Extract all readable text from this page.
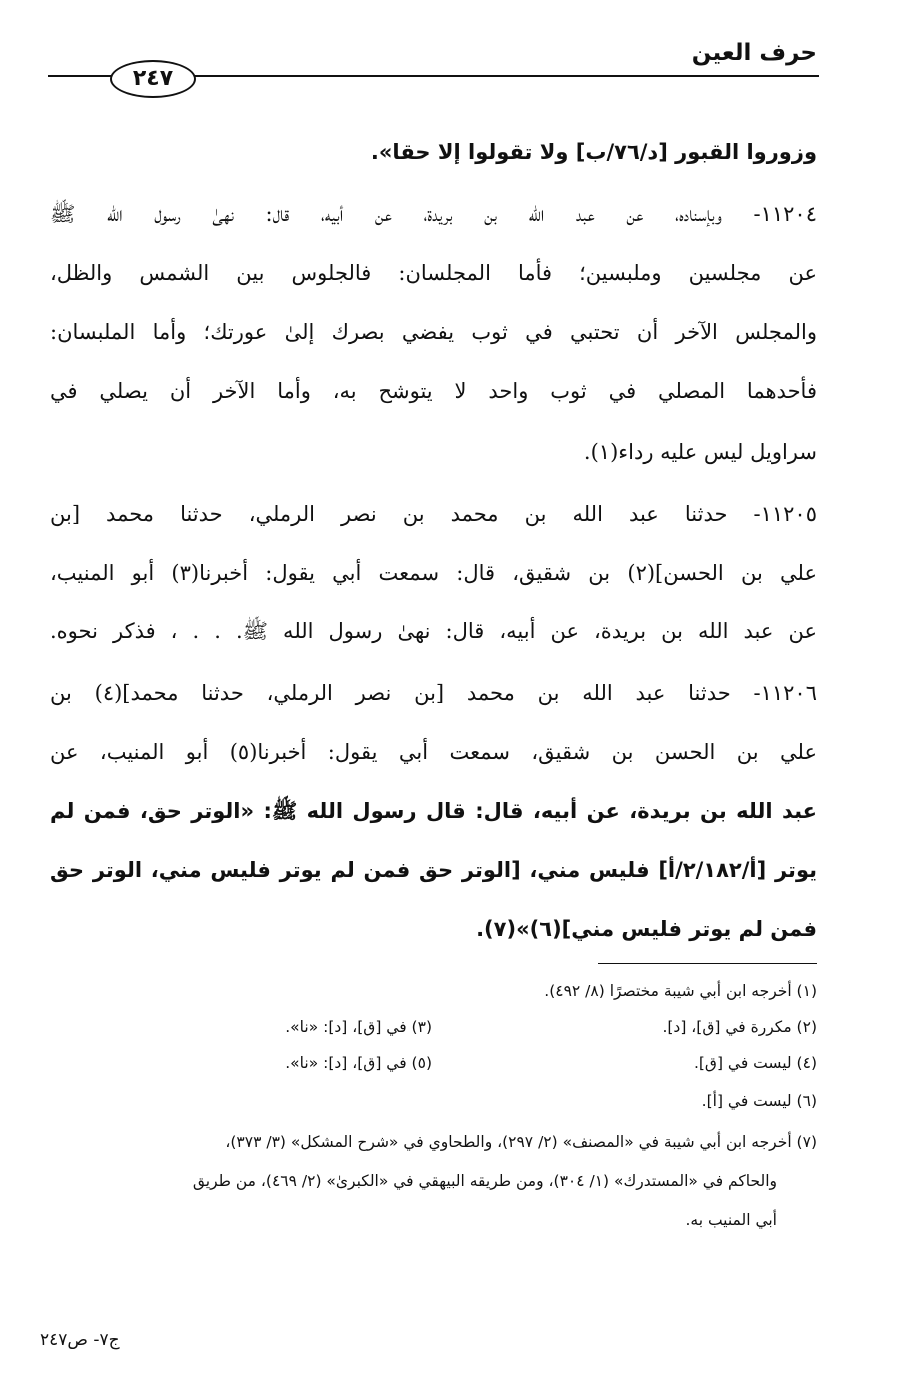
حرف العين
٢٤٧
وزوروا القبور [د/٧٦/ب] ولا تقولوا إلا حقا».
١١٢٠٤- وبإسناده، عن عبد الله بن بريدة، عن أبيه، قال: نهىٰ رسول الله ﷺ
عن مجلسين وملبسين؛ فأما المجلسان: فالجلوس بين الشمس والظل،
والمجلس الآخر أن تحتبي في ثوب يفضي بصرك إلىٰ عورتك؛ وأما الملبسان:
فأحدهما المصلي في ثوب واحد لا يتوشح به، وأما الآخر أن يصلي في
سراويل ليس عليه رداء(١).
١١٢٠٥- حدثنا عبد الله بن محمد بن نصر الرملي، حدثنا محمد [بن
علي بن الحسن](٢) بن شقيق، قال: سمعت أبي يقول: أخبرنا(٣) أبو المنيب،
عن عبد الله بن بريدة، عن أبيه، قال: نهىٰ رسول الله ﷺ. . . ، فذكر نحوه.
١١٢٠٦- حدثنا عبد الله بن محمد [بن نصر الرملي، حدثنا محمد](٤) بن
علي بن الحسن بن شقيق، سمعت أبي يقول: أخبرنا(٥) أبو المنيب، عن
عبد الله بن بريدة، عن أبيه، قال: قال رسول الله ﷺ: «الوتر حق، فمن لم
يوتر [أ/٢/١٨٢/أ] فليس مني، [الوتر حق فمن لم يوتر فليس مني، الوتر حق
فمن لم يوتر فليس مني](٦)»(٧).
(١) أخرجه ابن أبي شيبة مختصرًا (٨/ ٤٩٢).
(٢) مكررة في [ق]، [د].
(٣) في [ق]، [د]: «نا».
(٤) ليست في [ق].
(٥) في [ق]، [د]: «نا».
(٦) ليست في [أ].
(٧) أخرجه ابن أبي شيبة في «المصنف» (٢/ ٢٩٧)، والطحاوي في «شرح المشكل» (٣/ ٣٧٣)،
والحاكم في «المستدرك» (١/ ٣٠٤)، ومن طريقه البيهقي في «الكبرىٰ» (٢/ ٤٦٩)، من طريق
أبي المنيب به.
ج٧- ص٢٤٧
